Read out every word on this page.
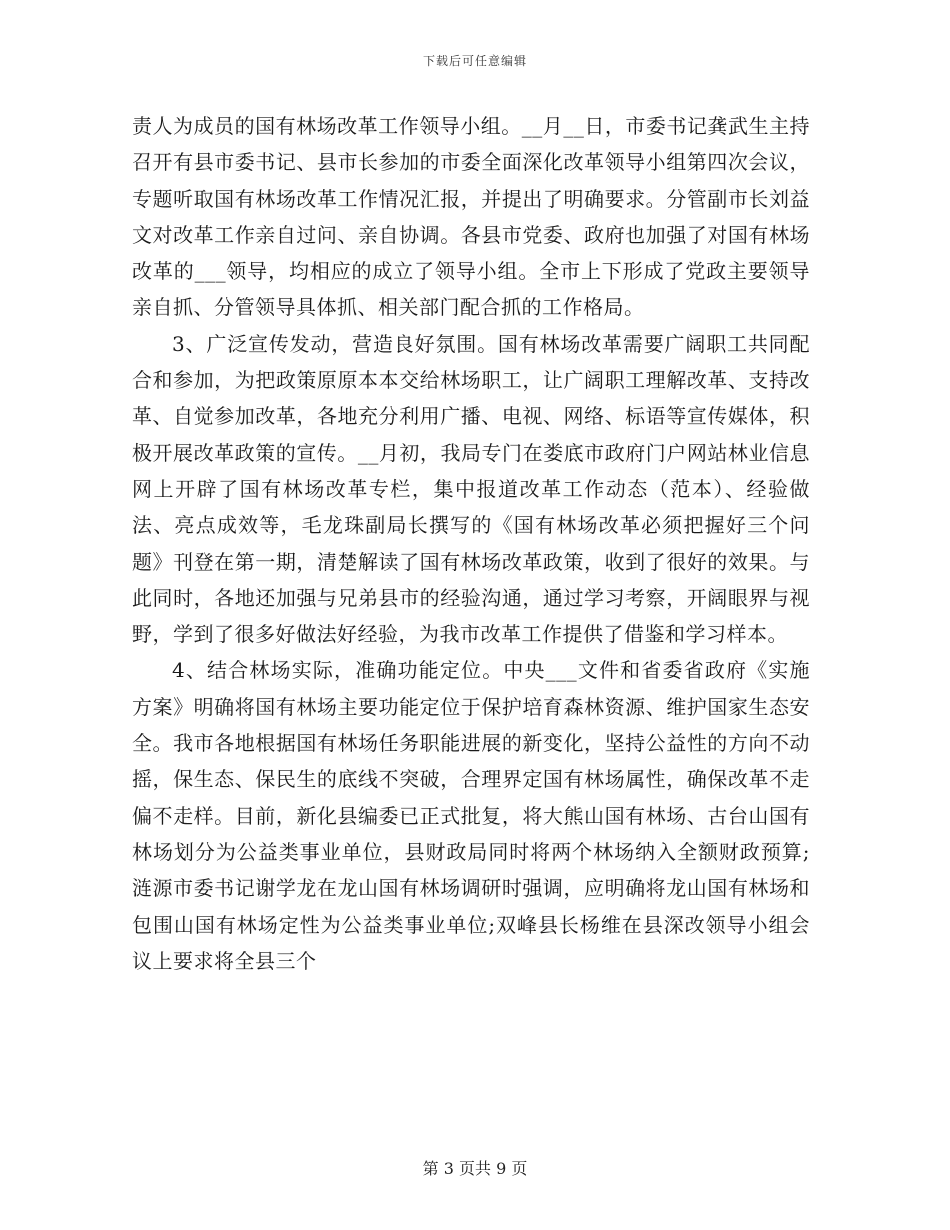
下载后可任意编辑

责人为成员的国有林场改革工作领导小组。__月__日，市委书记龚武生主持召开有县市委书记、县市长参加的市委全面深化改革领导小组第四次会议，专题听取国有林场改革工作情况汇报，并提出了明确要求。分管副市长刘益文对改革工作亲自过问、亲自协调。各县市党委、政府也加强了对国有林场改革的___领导，均相应的成立了领导小组。全市上下形成了党政主要领导亲自抓、分管领导具体抓、相关部门配合抓的工作格局。

3、广泛宣传发动，营造良好氛围。国有林场改革需要广阔职工共同配合和参加，为把政策原原本本交给林场职工，让广阔职工理解改革、支持改革、自觉参加改革，各地充分利用广播、电视、网络、标语等宣传媒体，积极开展改革政策的宣传。__月初，我局专门在娄底市政府门户网站林业信息网上开辟了国有林场改革专栏，集中报道改革工作动态（范本）、经验做法、亮点成效等，毛龙珠副局长撰写的《国有林场改革必须把握好三个问题》刊登在第一期，清楚解读了国有林场改革政策，收到了很好的效果。与此同时，各地还加强与兄弟县市的经验沟通，通过学习考察，开阔眼界与视野，学到了很多好做法好经验，为我市改革工作提供了借鉴和学习样本。

4、结合林场实际，准确功能定位。中央___文件和省委省政府《实施方案》明确将国有林场主要功能定位于保护培育森林资源、维护国家生态安全。我市各地根据国有林场任务职能进展的新变化，坚持公益性的方向不动摇，保生态、保民生的底线不突破，合理界定国有林场属性，确保改革不走偏不走样。目前，新化县编委已正式批复，将大熊山国有林场、古台山国有林场划分为公益类事业单位，县财政局同时将两个林场纳入全额财政预算;涟源市委书记谢学龙在龙山国有林场调研时强调，应明确将龙山国有林场和包围山国有林场定性为公益类事业单位;双峰县长杨维在县深改领导小组会议上要求将全县三个

第 3 页共 9 页
